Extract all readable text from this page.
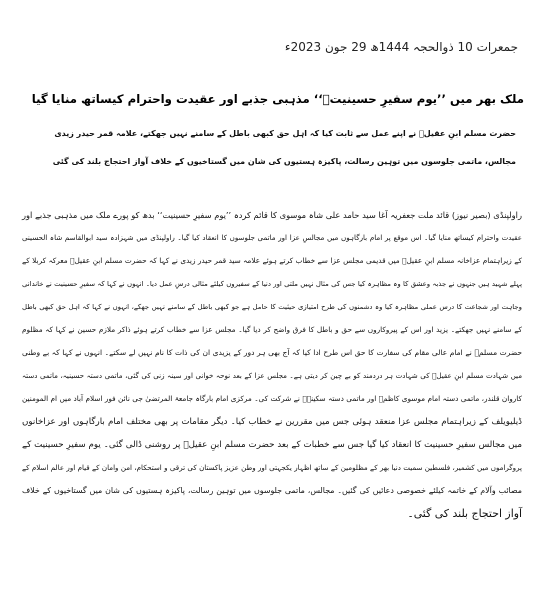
جمعرات 10 ذوالحجہ 1444ھ 29 جون 2023ء
ملک بھر میں ’’یوم سفیرِ حسینیتؑ‘‘ مذہبی جذبے اور عقیدت واحترام کیساتھ منایا گیا
حضرت مسلم ابنِ عقیلؑ نے اپنے عمل سے ثابت کیا کہ اہل حق کبھی باطل کے سامنے نہیں جھکتے، علامہ قمر حیدر زیدی
مجالس، ماتمی جلوسوں میں توہین رسالت، پاکیزہ ہستیوں کی شان میں گستاخیوں کے خلاف آواز احتجاج بلند کی گئی
راولپنڈی (بصیر نیوز) قائد ملت جعفریہ آغا سید حامد علی شاہ موسوی کا قائم کردہ ’’یوم سفیرِ حسینیت‘‘ بدھ کو پورے ملک میں مذہبی جذبے اور
عقیدت واحترام کیساتھ منایا گیا۔ اس موقع پر امام بارگاہوں میں مجالسِ عزا اور ماتمی جلوسوں کا انعقاد کیا گیا۔ راولپنڈی میں شہزادہ سید ابوالقاسم شاہ الحسینی
کے زیراہتمام عزاخانہ مسلم ابنِ عقیلؑ میں قدیمی مجلس عزا سے خطاب کرتے ہوئے علامہ سید قمر حیدر زیدی نے کہا کہ حضرت مسلم ابنِ عقیلؑ معرکہ کربلا کے
پہلے شہید ہیں جنہوں نے جذبہ وعشق کا وہ مظاہرہ کیا جس کی مثال نہیں ملتی اور دنیا کے سفیروں کیلئے مثالی درسِ عمل دیا۔ انہوں نے کہا کہ سفیرِ حسینیت نے خاندانی
وجاہت اور شجاعت کا درس عملی مظاہرہ کیا وہ دشمنوں کی طرح امتیازی حیثیت کا حامل ہے جو کبھی باطل کے سامنے نہیں جھکے، انہوں نے کہا کہ اہل حق کبھی باطل
کے سامنے نہیں جھکتے۔ یزید اور اس کے پیروکاروں سے حق و باطل کا فرق واضح کر دیا گیا۔ مجلس عزا سے خطاب کرتے ہوئے ذاکر ملازم حسین نے کہا کہ مظلوم
حضرت مسلمؑ نے امام عالی مقام کی سفارت کا حق اس طرح ادا کیا کہ آج بھی ہر دور کے یزیدی ان کی ذات کا نام نہیں لے سکتے۔ انہوں نے کہا کہ بے وطنی
میں شہادت مسلم ابنِ عقیلؑ کی شہادت ہر دردمند کو بے چین کر دیتی ہے۔ مجلس عزا کے بعد نوحہ خوانی اور سینہ زنی کی گئی، ماتمی دستہ حسینیہ، ماتمی دستہ
کاروان قلندر، ماتمی دستہ امام موسوی کاظمؑ اور ماتمی دستہ سکینہؑ نے شرکت کی۔ مرکزی امام بارگاہ جامعۃ المرتضیٰ جی نائن فور اسلام آباد میں ام المومنین
ڈیلیویلف کے زیراہتمام مجلس عزا منعقد ہوئی جس میں مقررین نے خطاب کیا۔ دیگر مقامات پر بھی مختلف امام بارگاہوں اور عزاخانوں
میں مجالس سفیرِ حسینیت کا انعقاد کیا گیا جس سے خطبات کے بعد حضرت مسلم ابنِ عقیلؑ پر روشنی ڈالی گئی۔ یوم سفیرِ حسینیت کے
پروگراموں میں کشمیر، فلسطین سمیت دنیا بھر کے مظلومین کے ساتھ اظہار یکجہتی اور وطن عزیز پاکستان کی ترقی و استحکام، امن وامان کے قیام اور عالم اسلام کے
مصائب وآلام کے خاتمہ کیلئے خصوصی دعائیں کی گئیں۔ مجالس، ماتمی جلوسوں میں توہین رسالت، پاکیزہ ہستیوں کی شان میں گستاخیوں کے خلاف
آواز احتجاج بلند کی گئی۔
